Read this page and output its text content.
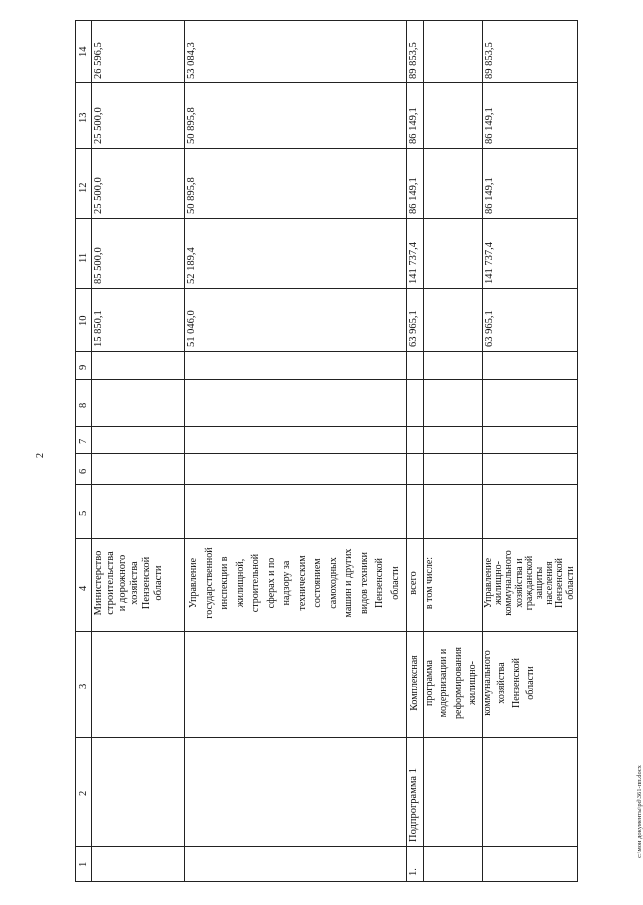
2
c:\мои документы\pd\361-пп.docx
14
13
12
11
10
9
8
7
6
5
4
3
2
1
26 596,5
25 500,0
25 500,0
85 500,0
15 850,1
Министерство строительства и дорожного хозяйства Пензенской области
53 084,3
50 895,8
50 895,8
52 189,4
51 046,0
Управление государственной инспекции в жилищной, строительной сферах и по надзору за техническим состоянием самоходных машин и других видов техники Пензенской области
89 853,5
86 149,1
86 149,1
141 737,4
63 965,1
всего
Комплексная программа модернизации и реформирования жилищно- коммунального хозяйства Пензенской области
Подпрограмма 1
1.
в том числе:
89 853,5
86 149,1
86 149,1
141 737,4
63 965,1
Управление жилищно- коммунального хозяйства и гражданской защиты населения Пензенской области
